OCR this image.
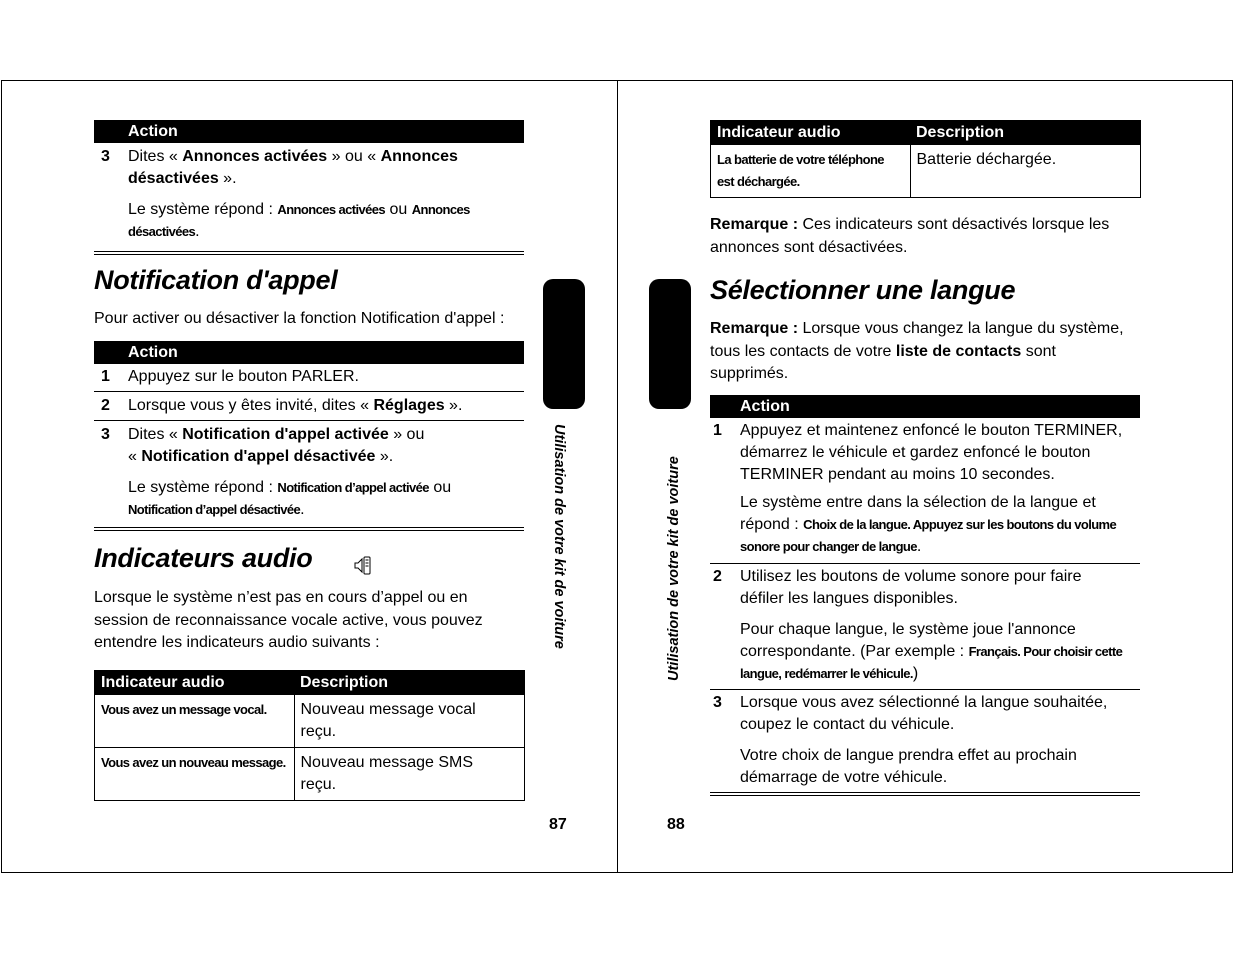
Action
3 Dites « Annonces activées » ou « Annonces désactivées ».

Le système répond : Annonces activées ou Annonces désactivées.

Notification d'appel
Pour activer ou désactiver la fonction Notification d'appel :
Action
1 Appuyez sur le bouton PARLER.

2 Lorsque vous y êtes invité, dites « Réglages ».

3 Dites « Notification d'appel activée » ou
« Notification d'appel désactivée ».

Le système répond : Notification d’appel activée ou
Notification d’appel désactivée.

Indicateurs audio
Lorsque le système n’est pas en cours d’appel ou en
session de reconnaissance vocale active, vous pouvez
entendre les indicateurs audio suivants :
Indicateur audio	Description
Vous avez un message vocal.	Nouveau message vocal
reçu.

Vous avez un nouveau message.	Nouveau message SMS
reçu.
Utilisation de votre kit de voiture
87
Indicateur audio	Description

La batterie de votre téléphone
est déchargée.	Batterie déchargée.
Remarque : Ces indicateurs sont désactivés lorsque les
annonces sont désactivées.
Sélectionner une langue
Remarque : Lorsque vous changez la langue du système,
tous les contacts de votre liste de contacts sont
supprimés.
Action
1 Appuyez et maintenez enfoncé le bouton TERMINER,
démarrez le véhicule et gardez enfoncé le bouton
TERMINER pendant au moins 10 secondes.

Le système entre dans la sélection de la langue et
répond : Choix de la langue. Appuyez sur les boutons du volume
sonore pour changer de langue.

2 Utilisez les boutons de volume sonore pour faire
défiler les langues disponibles.

Pour chaque langue, le système joue l'annonce
correspondante. (Par exemple : Français. Pour choisir cette
langue, redémarrer le véhicule.)

3 Lorsque vous avez sélectionné la langue souhaitée,
coupez le contact du véhicule.

Votre choix de langue prendra effet au prochain
démarrage de votre véhicule.

Utilisation de votre kit de voiture
88
